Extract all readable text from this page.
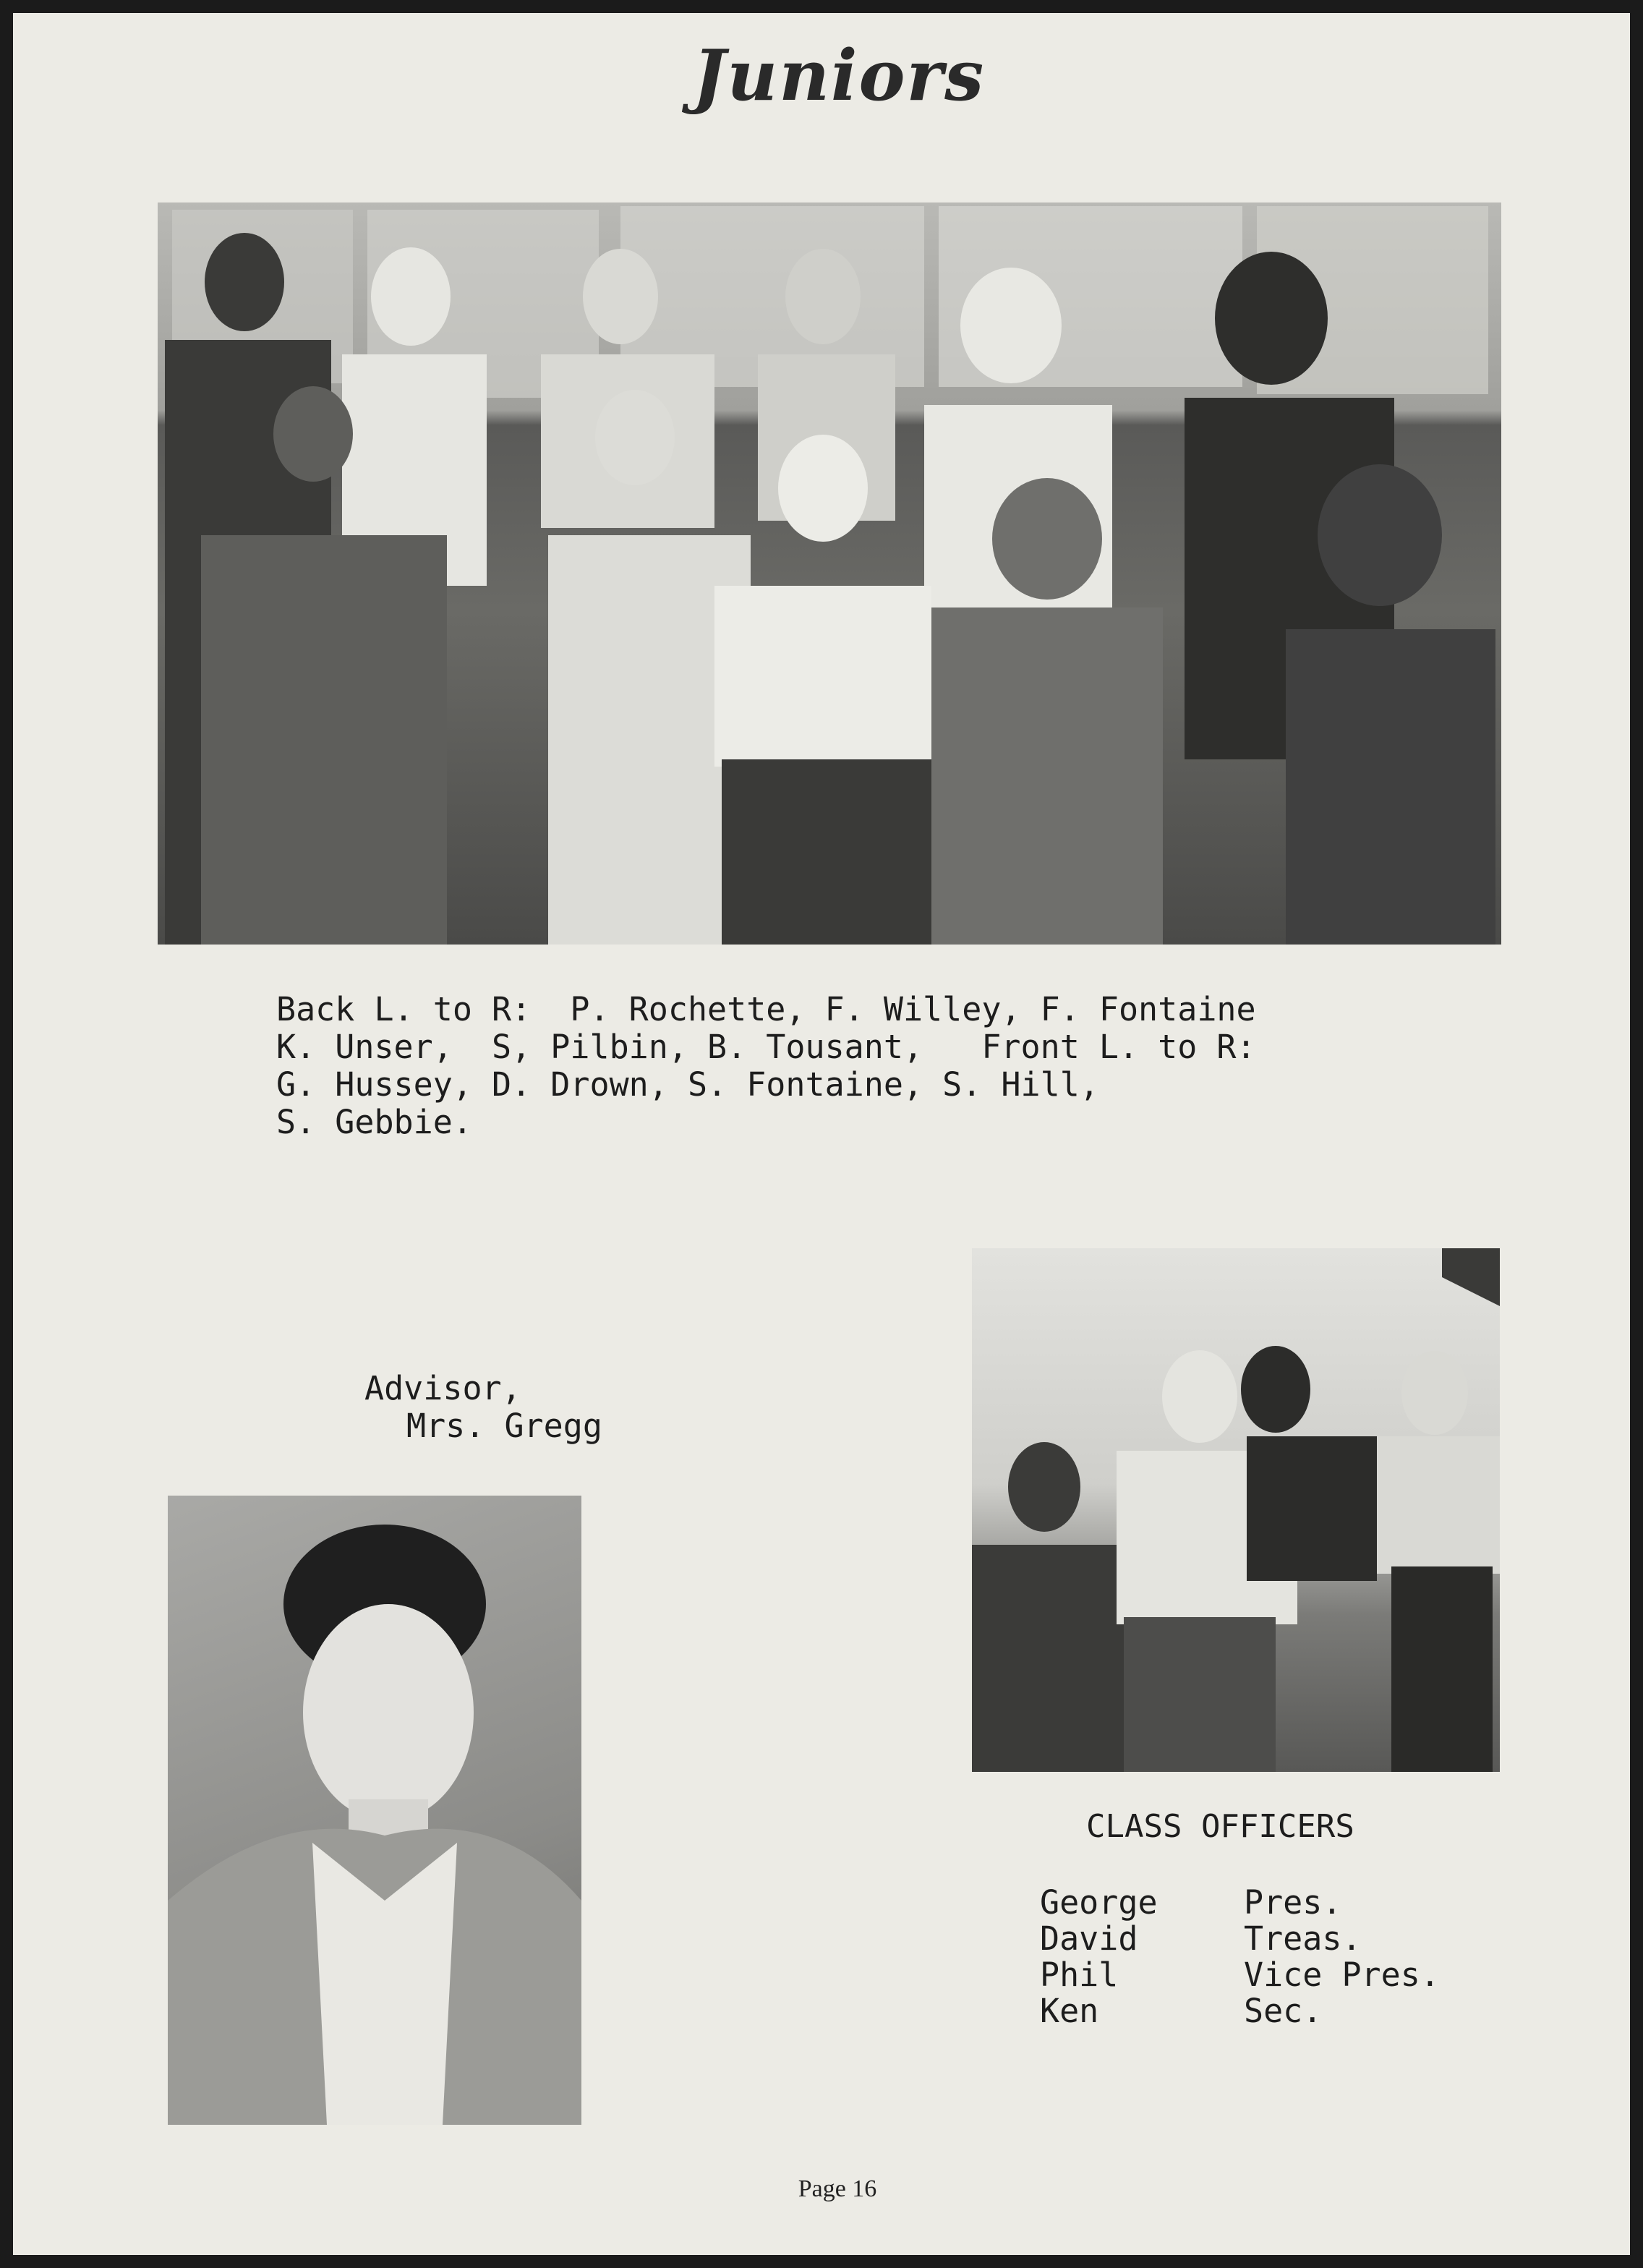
Juniors
Back L. to R:  P. Rochette, F. Willey, F. Fontaine
K. Unser,  S, Pilbin, B. Tousant,   Front L. to R:
G. Hussey, D. Drown, S. Fontaine, S. Hill,
S. Gebbie.
Advisor,
Mrs. Gregg
CLASS OFFICERS
George	Pres.
David	Treas.
Phil	Vice Pres.
Ken	Sec.
Page 16
